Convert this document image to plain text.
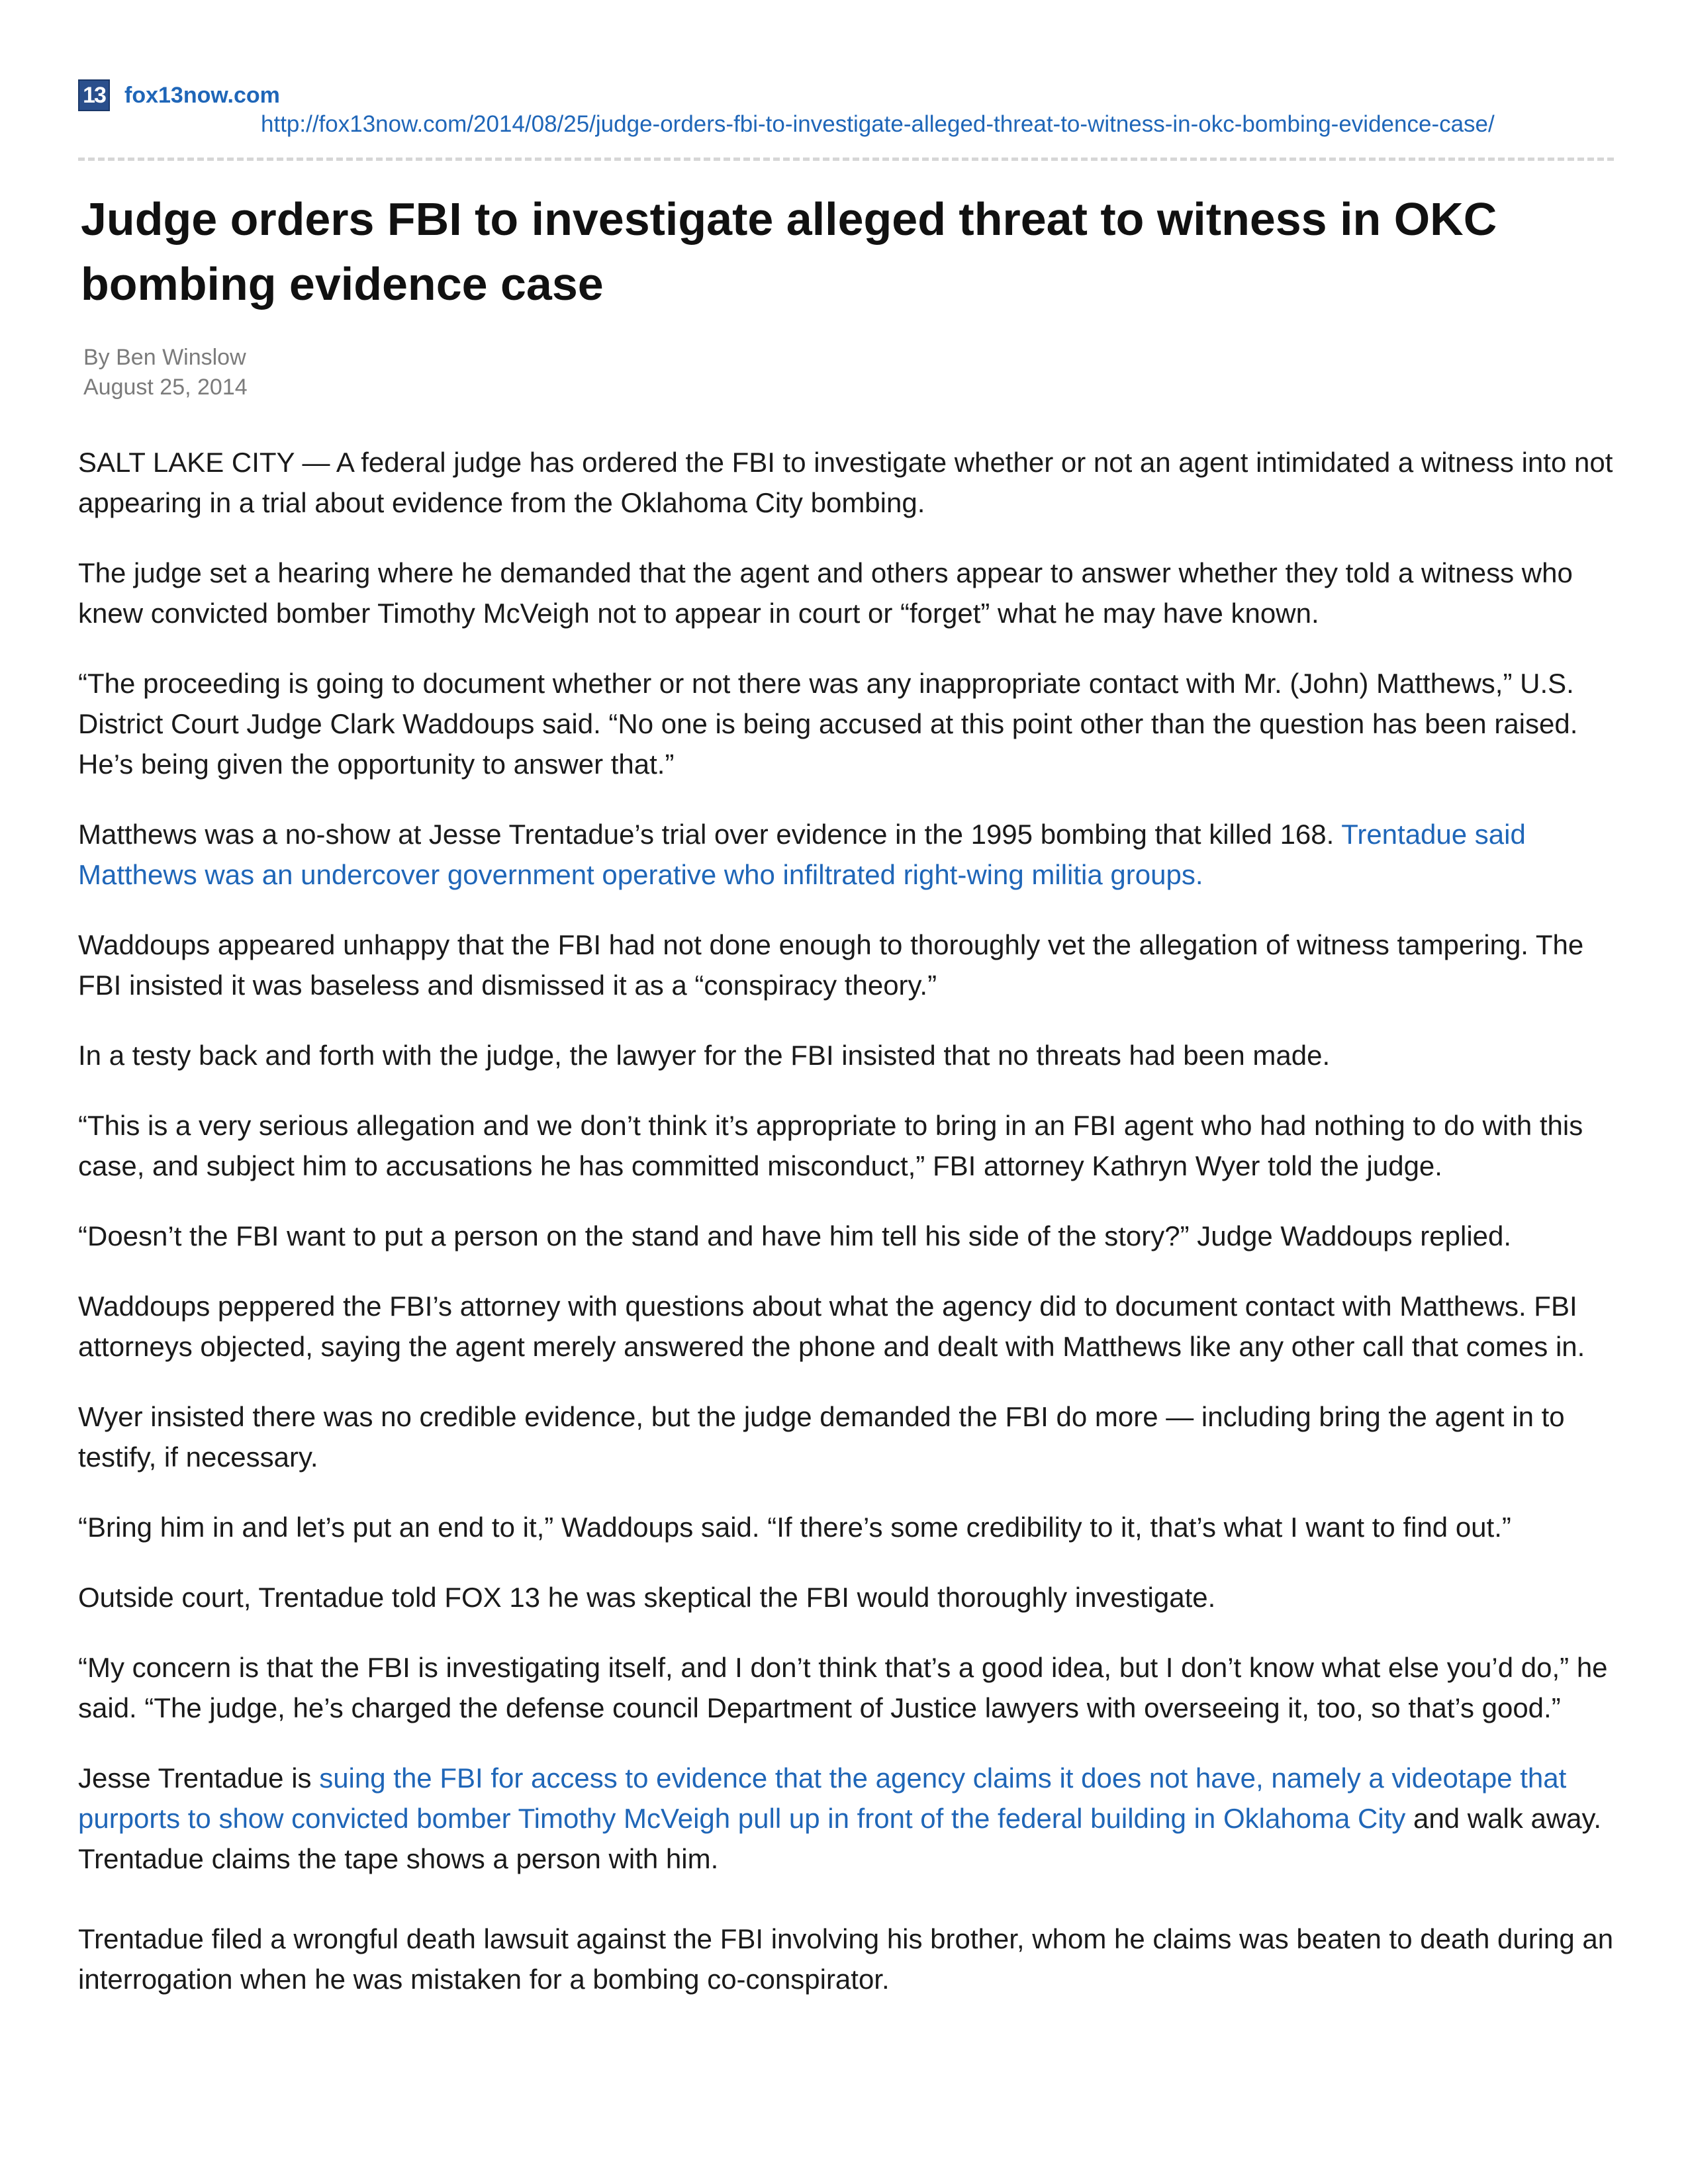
13 fox13now.com
http://fox13now.com/2014/08/25/judge-orders-fbi-to-investigate-alleged-threat-to-witness-in-okc-bombing-evidence-case/
Judge orders FBI to investigate alleged threat to witness in OKC bombing evidence case
By Ben Winslow
August 25, 2014

SALT LAKE CITY — A federal judge has ordered the FBI to investigate whether or not an agent intimidated a witness into not appearing in a trial about evidence from the Oklahoma City bombing.

The judge set a hearing where he demanded that the agent and others appear to answer whether they told a witness who knew convicted bomber Timothy McVeigh not to appear in court or “forget” what he may have known.

“The proceeding is going to document whether or not there was any inappropriate contact with Mr. (John) Matthews,” U.S. District Court Judge Clark Waddoups said. “No one is being accused at this point other than the question has been raised. He’s being given the opportunity to answer that.”

Matthews was a no-show at Jesse Trentadue’s trial over evidence in the 1995 bombing that killed 168. Trentadue said Matthews was an undercover government operative who infiltrated right-wing militia groups.

Waddoups appeared unhappy that the FBI had not done enough to thoroughly vet the allegation of witness tampering. The FBI insisted it was baseless and dismissed it as a “conspiracy theory.”

In a testy back and forth with the judge, the lawyer for the FBI insisted that no threats had been made.

“This is a very serious allegation and we don’t think it’s appropriate to bring in an FBI agent who had nothing to do with this case, and subject him to accusations he has committed misconduct,” FBI attorney Kathryn Wyer told the judge.

“Doesn’t the FBI want to put a person on the stand and have him tell his side of the story?” Judge Waddoups replied.

Waddoups peppered the FBI’s attorney with questions about what the agency did to document contact with Matthews. FBI attorneys objected, saying the agent merely answered the phone and dealt with Matthews like any other call that comes in.

Wyer insisted there was no credible evidence, but the judge demanded the FBI do more — including bring the agent in to testify, if necessary.

“Bring him in and let’s put an end to it,” Waddoups said. “If there’s some credibility to it, that’s what I want to find out.”

Outside court, Trentadue told FOX 13 he was skeptical the FBI would thoroughly investigate.

“My concern is that the FBI is investigating itself, and I don’t think that’s a good idea, but I don’t know what else you’d do,” he said. “The judge, he’s charged the defense council Department of Justice lawyers with overseeing it, too, so that’s good.”

Jesse Trentadue is suing the FBI for access to evidence that the agency claims it does not have, namely a videotape that purports to show convicted bomber Timothy McVeigh pull up in front of the federal building in Oklahoma City and walk away. Trentadue claims the tape shows a person with him.

Trentadue filed a wrongful death lawsuit against the FBI involving his brother, whom he claims was beaten to death during an interrogation when he was mistaken for a bombing co-conspirator.
